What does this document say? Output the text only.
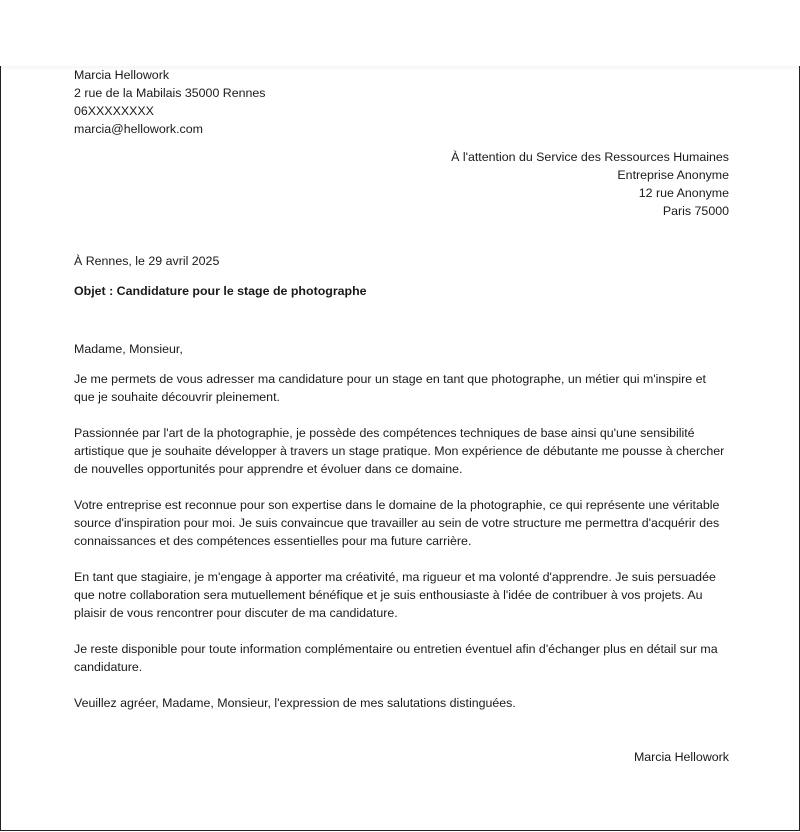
Marcia Hellowork
2 rue de la Mabilais 35000 Rennes
06XXXXXXXX
marcia@hellowork.com
À l'attention du Service des Ressources Humaines
Entreprise Anonyme
12 rue Anonyme
Paris 75000
À Rennes, le 29 avril 2025
Objet : Candidature pour le stage de photographe
Madame, Monsieur,

Je me permets de vous adresser ma candidature pour un stage en tant que photographe, un métier qui m'inspire et que je souhaite découvrir pleinement.

Passionnée par l'art de la photographie, je possède des compétences techniques de base ainsi qu'une sensibilité artistique que je souhaite développer à travers un stage pratique. Mon expérience de débutante me pousse à chercher de nouvelles opportunités pour apprendre et évoluer dans ce domaine.

Votre entreprise est reconnue pour son expertise dans le domaine de la photographie, ce qui représente une véritable source d'inspiration pour moi. Je suis convaincue que travailler au sein de votre structure me permettra d'acquérir des connaissances et des compétences essentielles pour ma future carrière.

En tant que stagiaire, je m'engage à apporter ma créativité, ma rigueur et ma volonté d'apprendre. Je suis persuadée que notre collaboration sera mutuellement bénéfique et je suis enthousiaste à l'idée de contribuer à vos projets. Au plaisir de vous rencontrer pour discuter de ma candidature.

Je reste disponible pour toute information complémentaire ou entretien éventuel afin d'échanger plus en détail sur ma candidature.

Veuillez agréer, Madame, Monsieur, l'expression de mes salutations distinguées.

Marcia Hellowork
